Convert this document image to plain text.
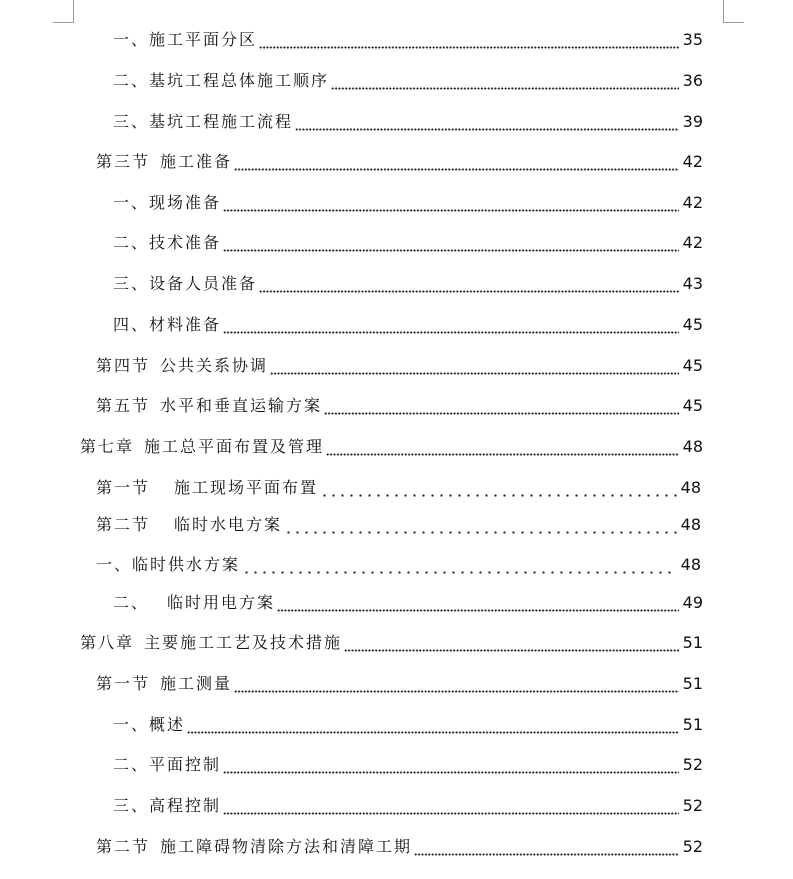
一、施工平面分区	35
二、基坑工程总体施工顺序	36
三、基坑工程施工流程	39
第三节 施工准备	42
一、现场准备	42
二、技术准备	42
三、设备人员准备	43
四、材料准备	45
第四节 公共关系协调	45
第五节 水平和垂直运输方案	45
第七章 施工总平面布置及管理	48
第一节 施工现场平面布置	48
第二节 临时水电方案	48
一、临时供水方案	48
二、 临时用电方案	49
第八章 主要施工工艺及技术措施	51
第一节 施工测量	51
一、概述	51
二、平面控制	52
三、高程控制	52
第二节 施工障碍物清除方法和清障工期	52
